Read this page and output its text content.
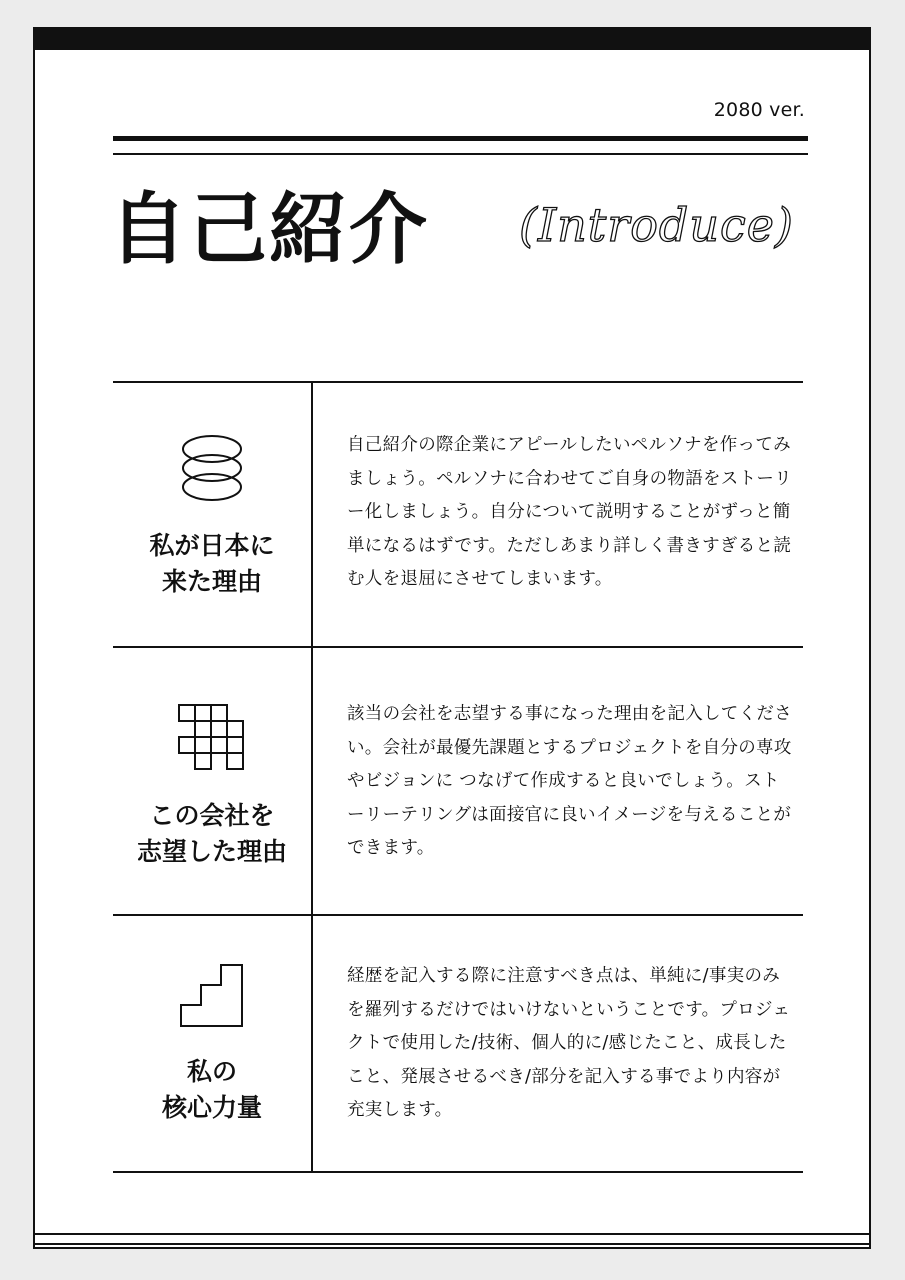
2080 ver.
自己紹介 (Introduce)
私が日本に
来た理由
自己紹介の際企業にアピールしたいペルソナを作ってみましょう。ペルソナに合わせてご自身の物語をストーリー化しましょう。自分について説明することがずっと簡単になるはずです。ただしあまり詳しく書きすぎると読む人を退屈にさせてしまいます。
この会社を
志望した理由
該当の会社を志望する事になった理由を記入してください。会社が最優先課題とするプロジェクトを自分の専攻やビジョンに つなげて作成すると良いでしょう。ストーリーテリングは面接官に良いイメージを与えることができます。
私の
核心力量
経歴を記入する際に注意すべき点は、単純に/事実のみを羅列するだけではいけないということです。プロジェクトで使用した/技術、個人的に/感じたこと、成長したこと、発展させるべき/部分を記入する事でより内容が充実します。
